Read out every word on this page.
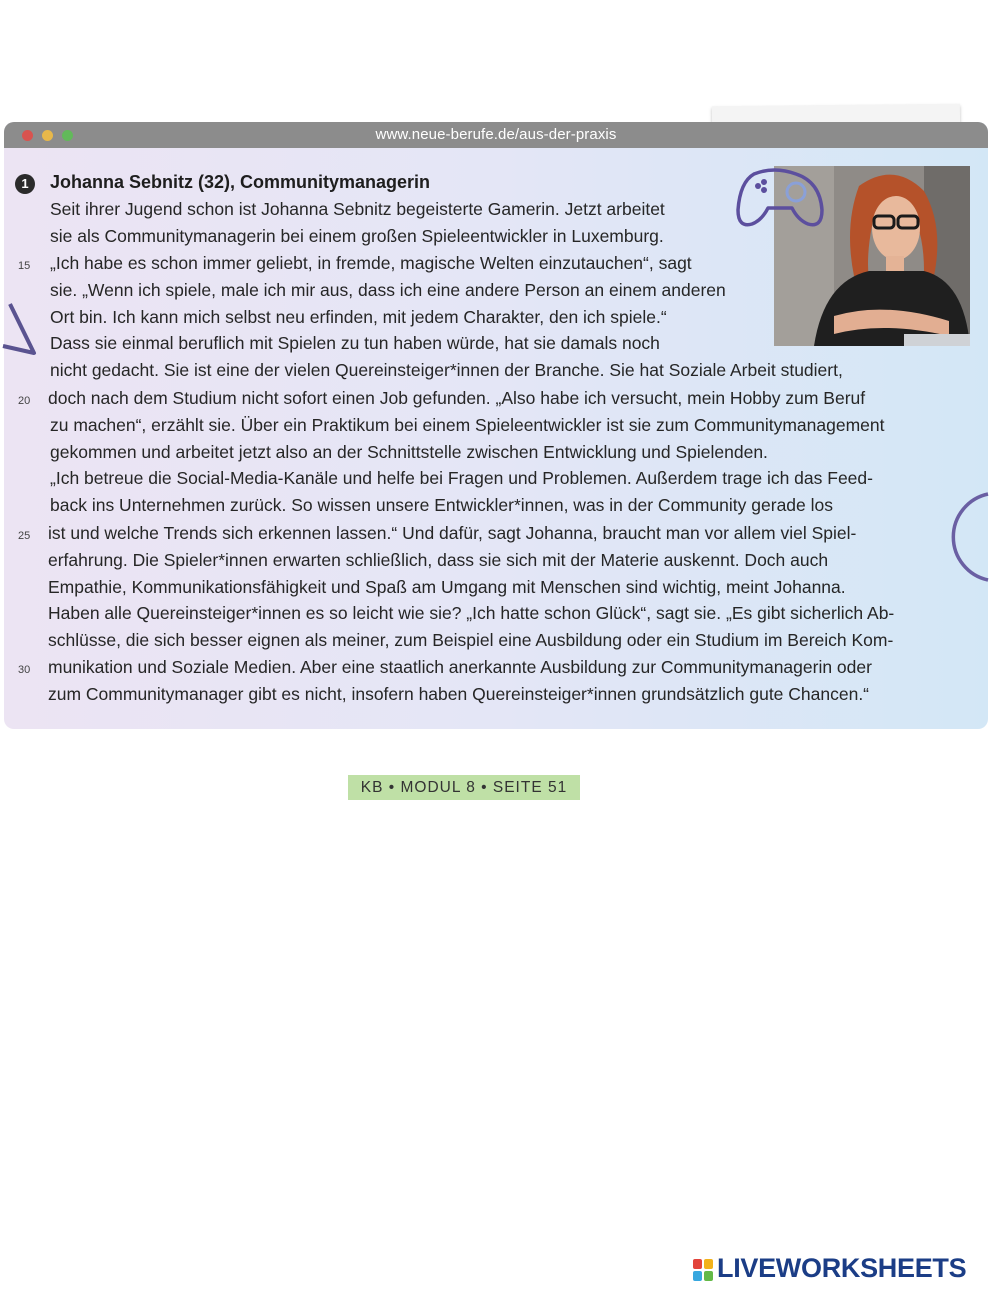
www.neue-berufe.de/aus-der-praxis
1	Johanna Sebnitz (32), Communitymanagerin
Seit ihrer Jugend schon ist Johanna Sebnitz begeisterte Gamerin. Jetzt arbeitet
sie als Communitymanagerin bei einem großen Spieleentwickler in Luxemburg.
„Ich habe es schon immer geliebt, in fremde, magische Welten einzutauchen“, sagt
sie. „Wenn ich spiele, male ich mir aus, dass ich eine andere Person an einem anderen
Ort bin. Ich kann mich selbst neu erfinden, mit jedem Charakter, den ich spiele.“
Dass sie einmal beruflich mit Spielen zu tun haben würde, hat sie damals noch
nicht gedacht. Sie ist eine der vielen Quereinsteiger*innen der Branche. Sie hat Soziale Arbeit studiert,
doch nach dem Studium nicht sofort einen Job gefunden. „Also habe ich versucht, mein Hobby zum Beruf
zu machen“, erzählt sie. Über ein Praktikum bei einem Spieleentwickler ist sie zum Communitymanagement
gekommen und arbeitet jetzt also an der Schnittstelle zwischen Entwicklung und Spielenden.
„Ich betreue die Social-Media-Kanäle und helfe bei Fragen und Problemen. Außerdem trage ich das Feed-
back ins Unternehmen zurück. So wissen unsere Entwickler*innen, was in der Community gerade los
ist und welche Trends sich erkennen lassen.“ Und dafür, sagt Johanna, braucht man vor allem viel Spiel-
erfahrung. Die Spieler*innen erwarten schließlich, dass sie sich mit der Materie auskennt. Doch auch
Empathie, Kommunikationsfähigkeit und Spaß am Umgang mit Menschen sind wichtig, meint Johanna.
Haben alle Quereinsteiger*innen es so leicht wie sie? „Ich hatte schon Glück“, sagt sie. „Es gibt sicherlich Ab-
schlüsse, die sich besser eignen als meiner, zum Beispiel eine Ausbildung oder ein Studium im Bereich Kom-
munikation und Soziale Medien. Aber eine staatlich anerkannte Ausbildung zur Communitymanagerin oder
zum Communitymanager gibt es nicht, insofern haben Quereinsteiger*innen grundsätzlich gute Chancen.“
15
20
25
30
KB • MODUL 8 • SEITE 51
LIVEWORKSHEETS
